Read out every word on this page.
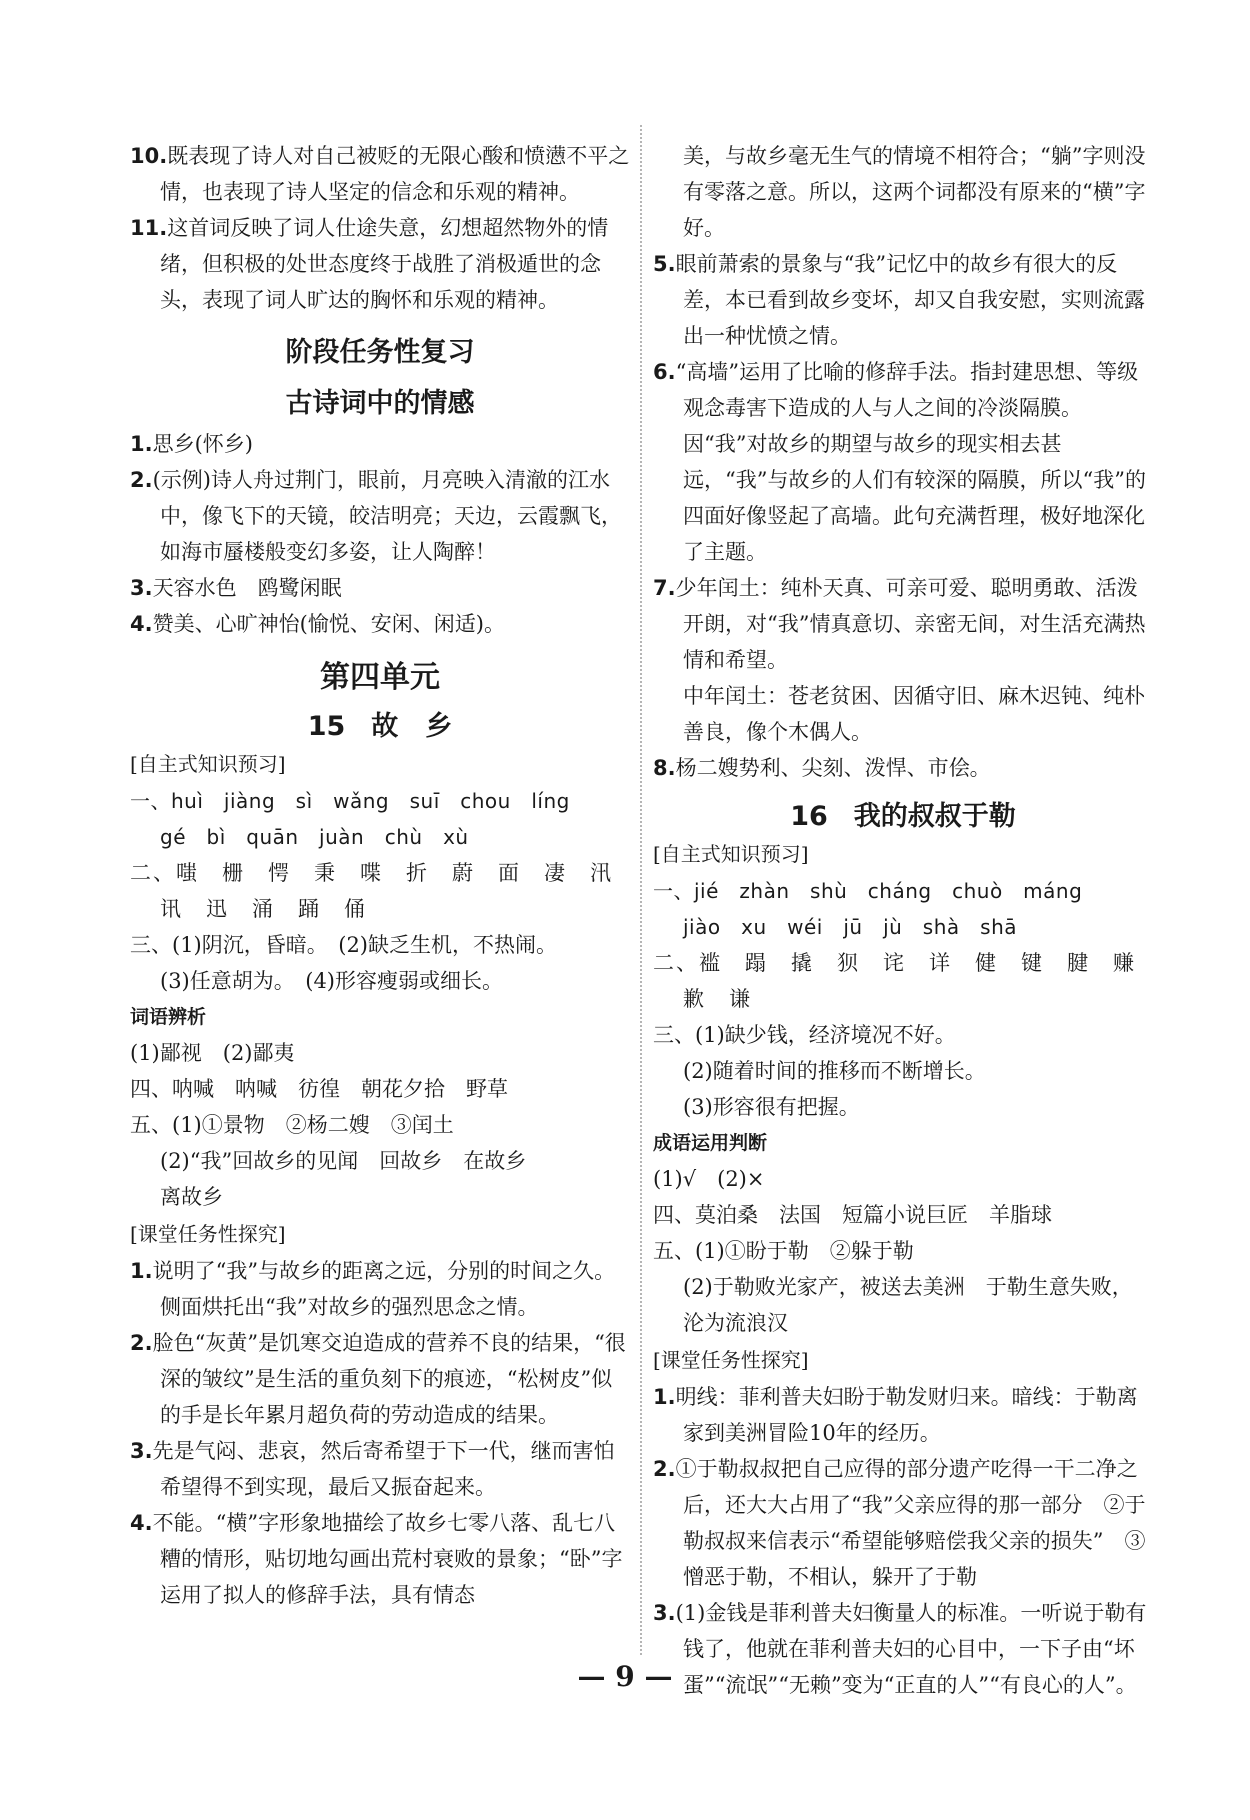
10.既表现了诗人对自己被贬的无限心酸和愤懑不平之情，也表现了诗人坚定的信念和乐观的精神。

11.这首词反映了词人仕途失意，幻想超然物外的情绪，但积极的处世态度终于战胜了消极遁世的念头，表现了词人旷达的胸怀和乐观的精神。

阶段任务性复习
古诗词中的情感

1.思乡(怀乡)

2.(示例)诗人舟过荆门，眼前，月亮映入清澈的江水中，像飞下的天镜，皎洁明亮；天边，云霞飘飞，如海市蜃楼般变幻多姿，让人陶醉！

3.天容水色　鸥鹭闲眠

4.赞美、心旷神怡(愉悦、安闲、闲适)。

第四单元
15 故　乡
[自主式知识预习]

一、huì　jiàng　sì　wǎng　suī　chou　líng

gé　bì　quān　juàn　chù　xù

二、嗤　栅　愕　秉　喋　折　蔚　面　凄　汛

讯　迅　涌　踊　俑

三、(1)阴沉，昏暗。　(2)缺乏生机，不热闹。

(3)任意胡为。　(4)形容瘦弱或细长。

词语辨析

(1)鄙视　(2)鄙夷

四、呐喊　呐喊　彷徨　朝花夕拾　野草

五、(1)①景物　②杨二嫂　③闰土

(2)“我”回故乡的见闻　回故乡　在故乡

离故乡

[课堂任务性探究]

1.说明了“我”与故乡的距离之远，分别的时间之久。侧面烘托出“我”对故乡的强烈思念之情。

2.脸色“灰黄”是饥寒交迫造成的营养不良的结果，“很深的皱纹”是生活的重负刻下的痕迹，“松树皮”似的手是长年累月超负荷的劳动造成的结果。

3.先是气闷、悲哀，然后寄希望于下一代，继而害怕希望得不到实现，最后又振奋起来。

4.不能。“横”字形象地描绘了故乡七零八落、乱七八糟的情形，贴切地勾画出荒村衰败的景象；“卧”字运用了拟人的修辞手法，具有情态

美，与故乡毫无生气的情境不相符合；“躺”字则没有零落之意。所以，这两个词都没有原来的“横”字好。

5.眼前萧索的景象与“我”记忆中的故乡有很大的反差，本已看到故乡变坏，却又自我安慰，实则流露出一种忧愤之情。

6.“高墙”运用了比喻的修辞手法。指封建思想、等级观念毒害下造成的人与人之间的冷淡隔膜。因“我”对故乡的期望与故乡的现实相去甚远，“我”与故乡的人们有较深的隔膜，所以“我”的四面好像竖起了高墙。此句充满哲理，极好地深化了主题。

7.少年闰土：纯朴天真、可亲可爱、聪明勇敢、活泼开朗，对“我”情真意切、亲密无间，对生活充满热情和希望。

中年闰土：苍老贫困、因循守旧、麻木迟钝、纯朴善良，像个木偶人。

8.杨二嫂势利、尖刻、泼悍、市侩。

16 我的叔叔于勒
[自主式知识预习]

一、jié　zhàn　shù　cháng　chuò　máng

jiào　xu　wéi　jū　jù　shà　shā

二、褴　蹋　撬　狈　诧　详　健　键　腱　赚

歉　谦

三、(1)缺少钱，经济境况不好。

(2)随着时间的推移而不断增长。

(3)形容很有把握。

成语运用判断

(1)√　(2)×

四、莫泊桑　法国　短篇小说巨匠　羊脂球

五、(1)①盼于勒　②躲于勒

(2)于勒败光家产，被送去美洲　于勒生意失败，沦为流浪汉

[课堂任务性探究]

1.明线：菲利普夫妇盼于勒发财归来。暗线：于勒离家到美洲冒险10年的经历。

2.①于勒叔叔把自己应得的部分遗产吃得一干二净之后，还大大占用了“我”父亲应得的那一部分　②于勒叔叔来信表示“希望能够赔偿我父亲的损失”　③憎恶于勒，不相认，躲开了于勒

3.(1)金钱是菲利普夫妇衡量人的标准。一听说于勒有钱了，他就在菲利普夫妇的心目中，一下子由“坏蛋”“流氓”“无赖”变为“正直的人”“有良心的人”。

— 9 —
